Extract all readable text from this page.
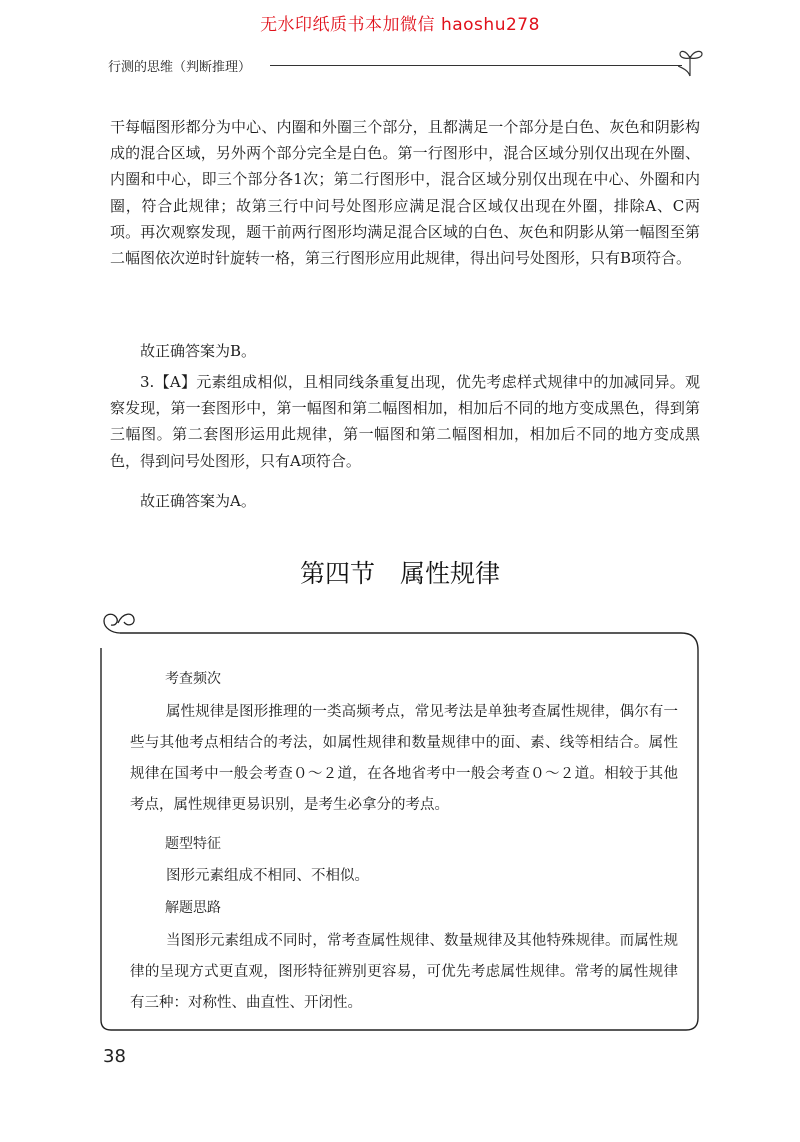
无水印纸质书本加微信 haoshu278
行测的思维（判断推理）

干每幅图形都分为中心、内圈和外圈三个部分，且都满足一个部分是白色、灰色和阴影构成的混合区域，另外两个部分完全是白色。第一行图形中，混合区域分别仅出现在外圈、内圈和中心，即三个部分各1次；第二行图形中，混合区域分别仅出现在中心、外圈和内圈，符合此规律；故第三行中问号处图形应满足混合区域仅出现在外圈，排除A、C两项。再次观察发现，题干前两行图形均满足混合区域的白色、灰色和阴影从第一幅图至第二幅图依次逆时针旋转一格，第三行图形应用此规律，得出问号处图形，只有B项符合。

故正确答案为B。

3.【A】元素组成相似，且相同线条重复出现，优先考虑样式规律中的加减同异。观察发现，第一套图形中，第一幅图和第二幅图相加，相加后不同的地方变成黑色，得到第三幅图。第二套图形运用此规律，第一幅图和第二幅图相加，相加后不同的地方变成黑色，得到问号处图形，只有A项符合。

故正确答案为A。

第四节　属性规律
考查频次

属性规律是图形推理的一类高频考点，常见考法是单独考查属性规律，偶尔有一些与其他考点相结合的考法，如属性规律和数量规律中的面、素、线等相结合。属性规律在国考中一般会考查０～２道，在各地省考中一般会考查０～２道。相较于其他考点，属性规律更易识别，是考生必拿分的考点。

题型特征

图形元素组成不相同、不相似。

解题思路

当图形元素组成不同时，常考查属性规律、数量规律及其他特殊规律。而属性规律的呈现方式更直观，图形特征辨别更容易，可优先考虑属性规律。常考的属性规律有三种：对称性、曲直性、开闭性。

38
